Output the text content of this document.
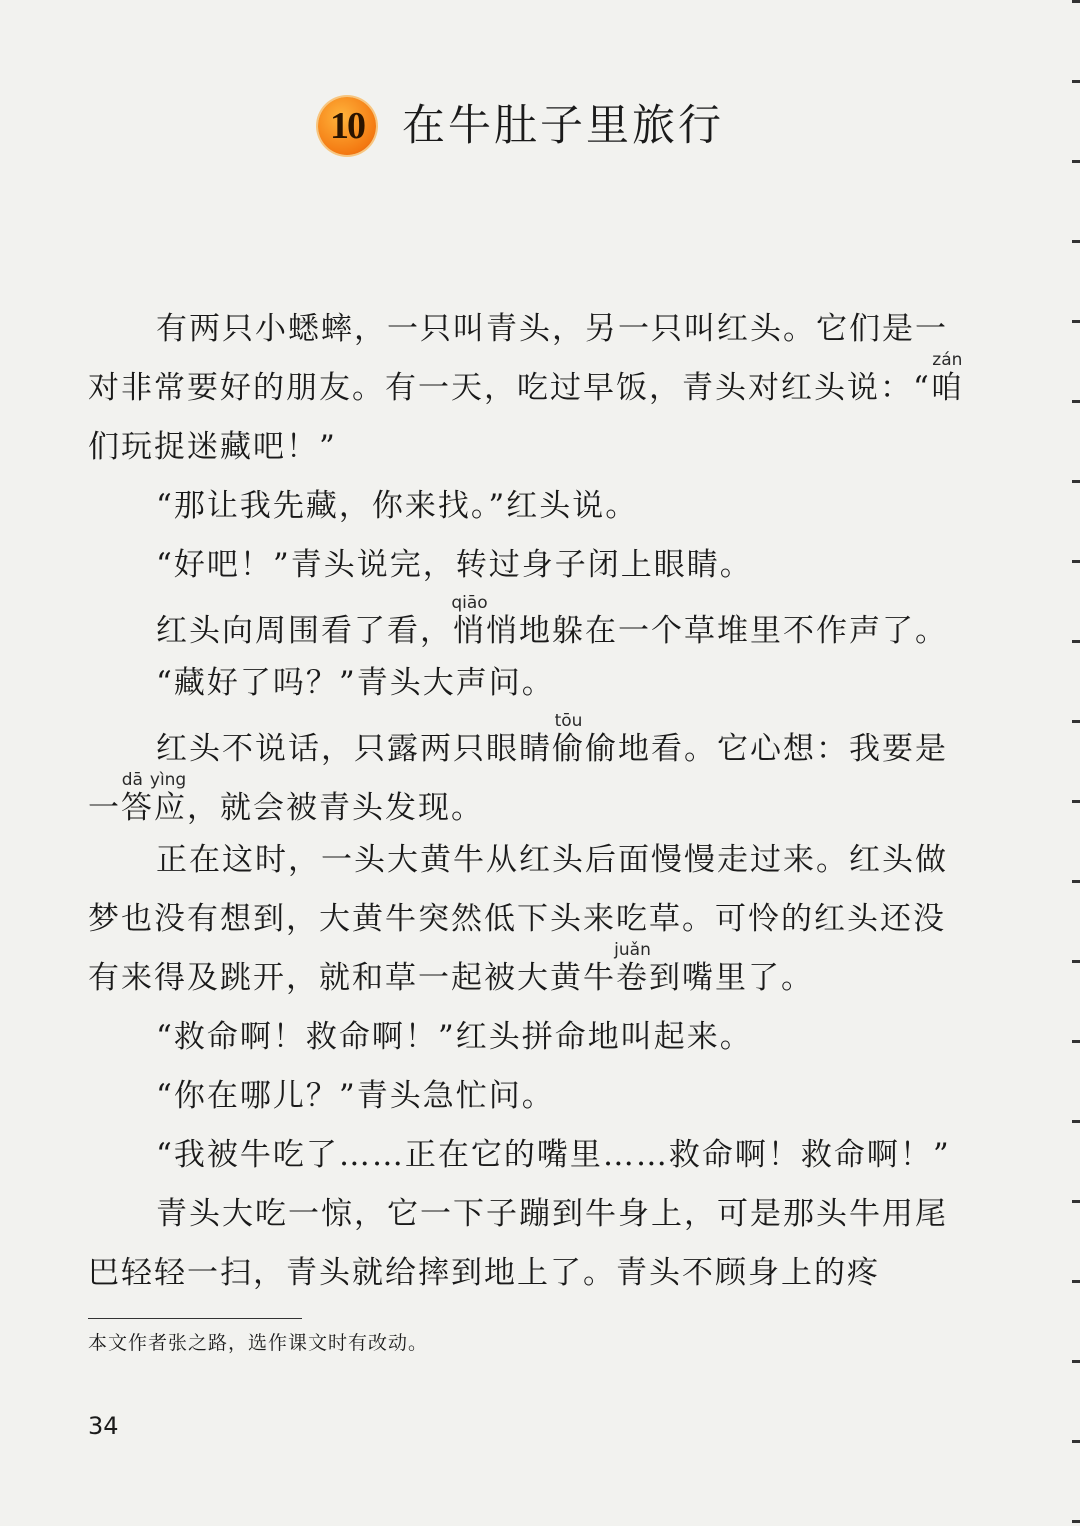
10 在牛肚子里旅行

有两只小蟋蟀，一只叫青头，另一只叫红头。它们是一对非常要好的朋友。有一天，吃过早饭，青头对红头说：“咱zán们玩捉迷藏吧！”

“那让我先藏，你来找。”红头说。

“好吧！”青头说完，转过身子闭上眼睛。

红头向周围看了看，悄qiāo悄地躲在一个草堆里不作声了。

“藏好了吗？”青头大声问。

红头不说话，只露两只眼睛偷tōu偷地看。它心想：我要是一答应dā yìng，就会被青头发现。

正在这时，一头大黄牛从红头后面慢慢走过来。红头做梦也没有想到，大黄牛突然低下头来吃草。可怜的红头还没有来得及跳开，就和草一起被大黄牛卷juǎn到嘴里了。

“救命啊！救命啊！”红头拼命地叫起来。

“你在哪儿？”青头急忙问。

“我被牛吃了……正在它的嘴里……救命啊！救命啊！”

青头大吃一惊，它一下子蹦到牛身上，可是那头牛用尾巴轻轻一扫，青头就给摔到地上了。青头不顾身上的疼

本文作者张之路，选作课文时有改动。
34
